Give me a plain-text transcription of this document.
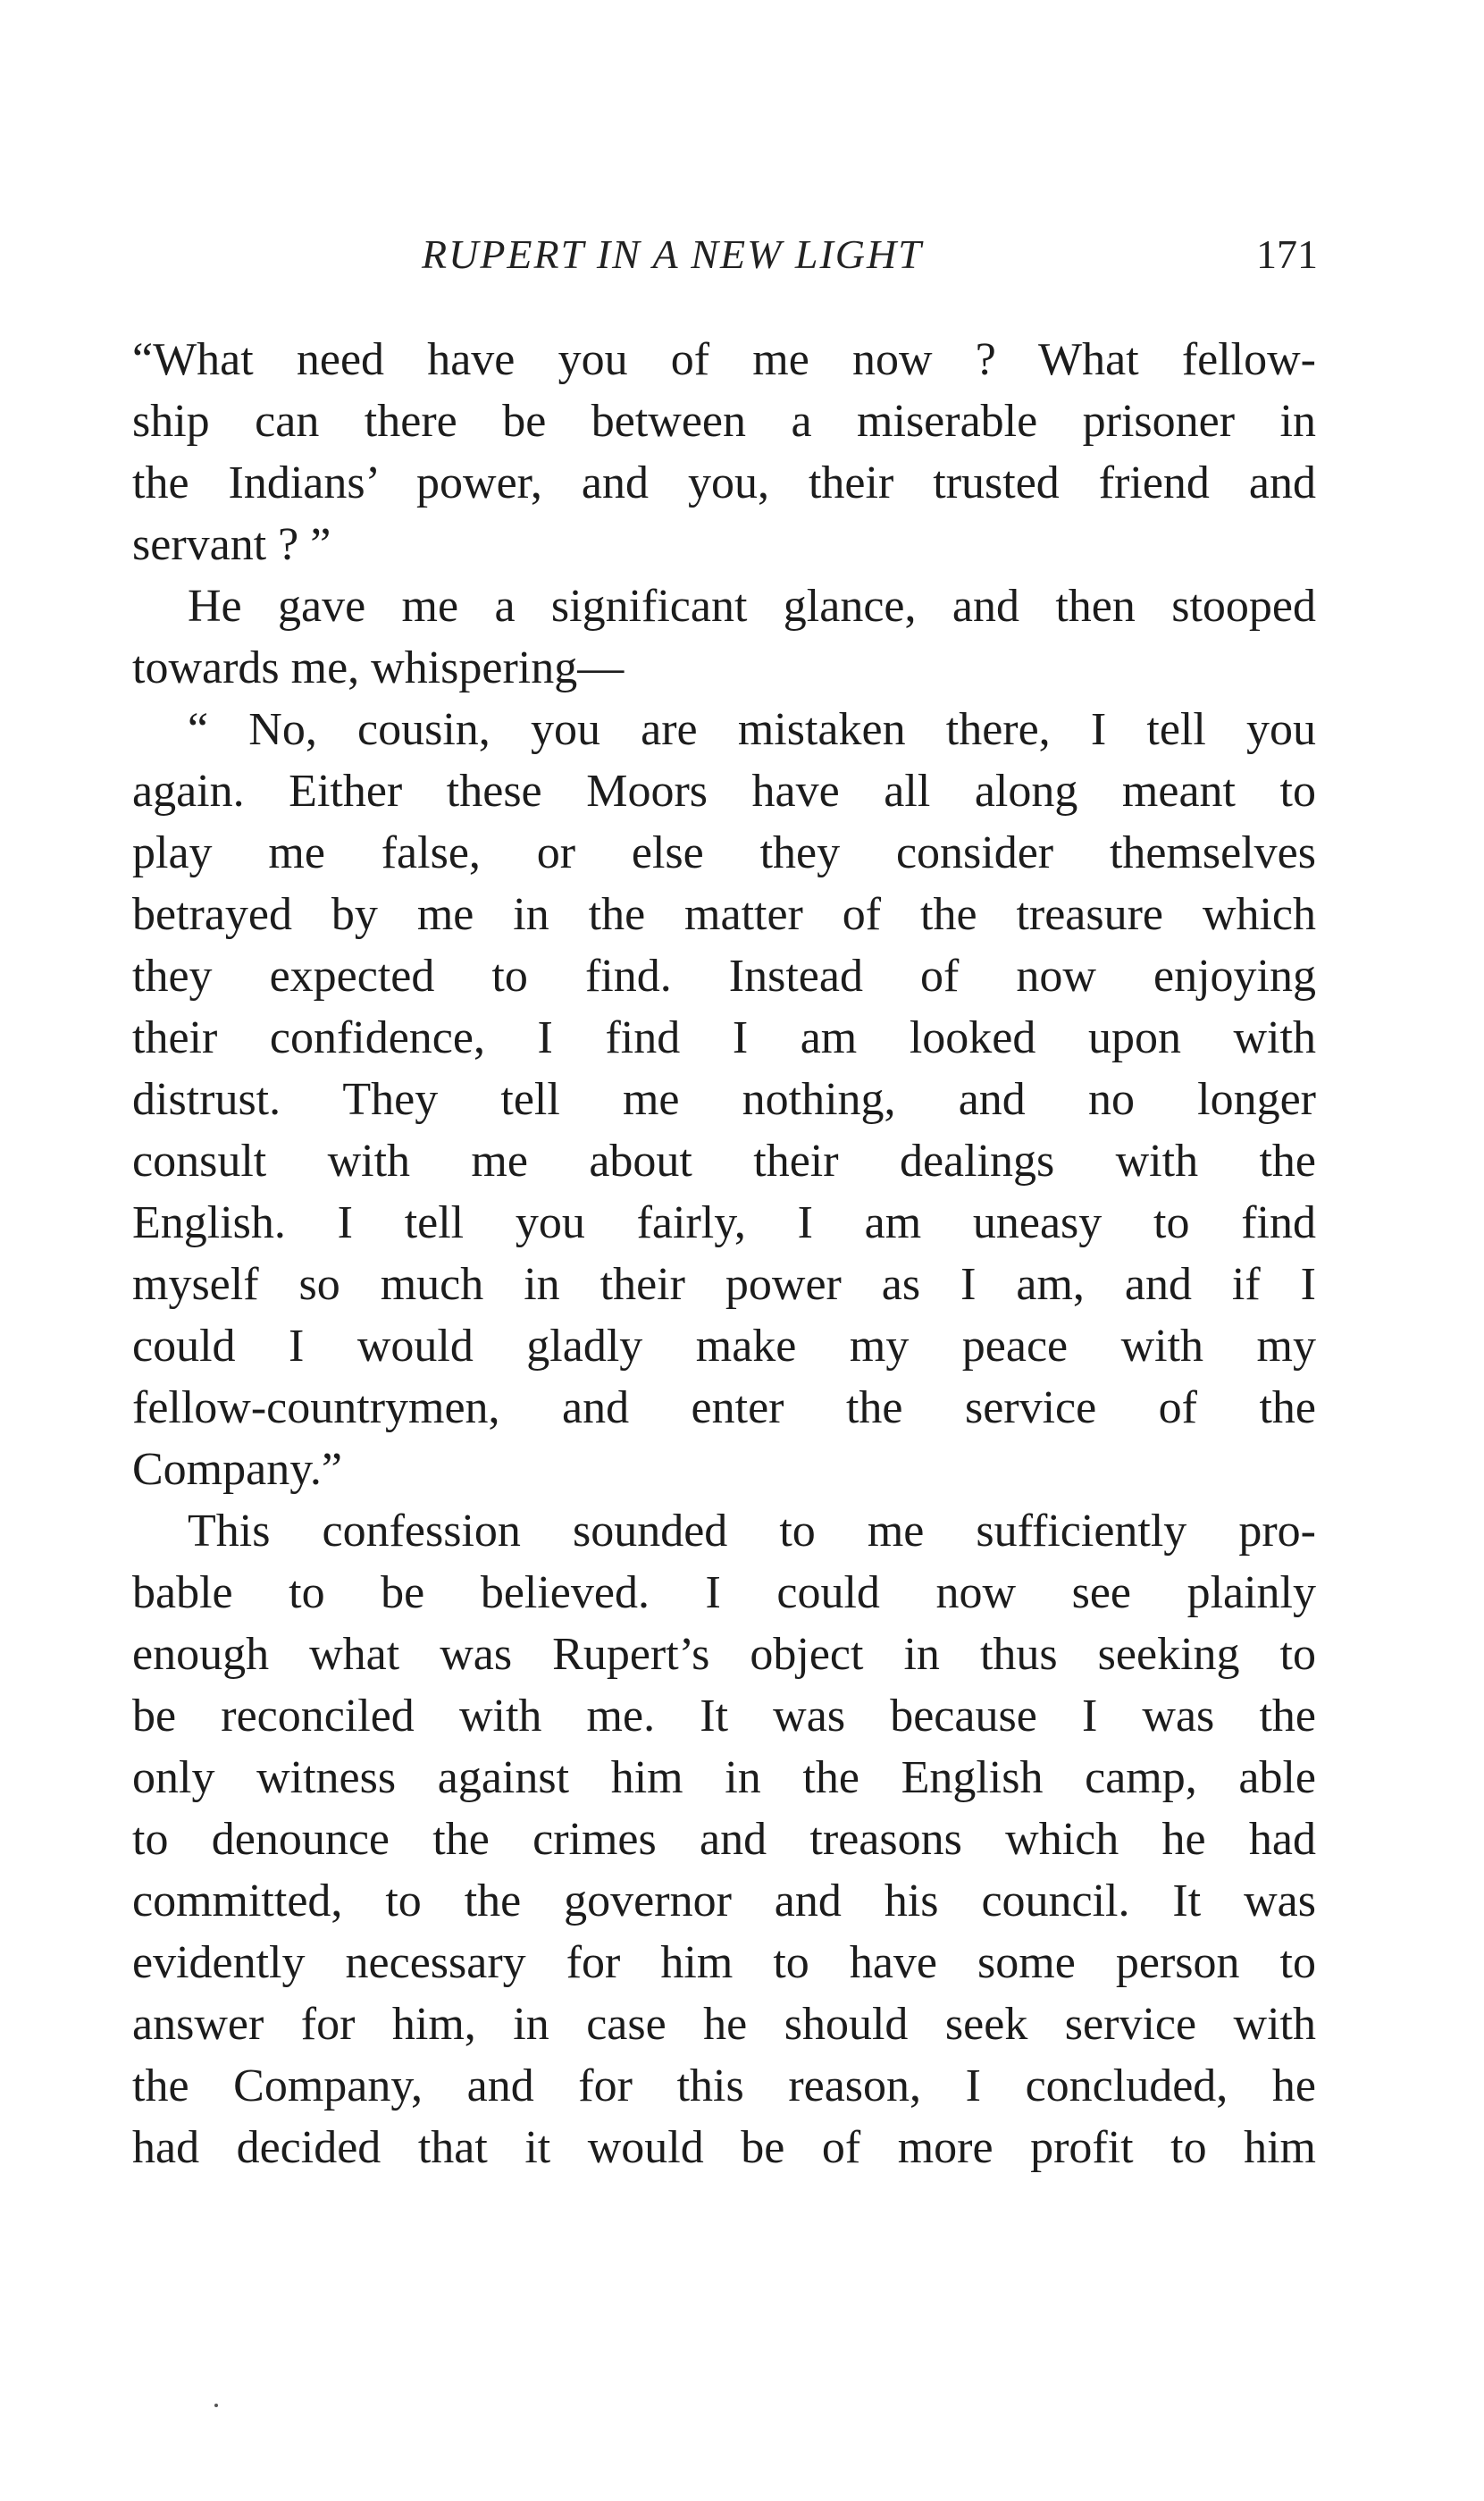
RUPERT IN A NEW LIGHT	171
“What need have you of me now ? What fellow-
ship can there be between a miserable prisoner in
the Indians’ power, and you, their trusted friend and
servant ? ”
He gave me a significant glance, and then stooped
towards me, whispering—
“ No, cousin, you are mistaken there, I tell you
again. Either these Moors have all along meant to
play me false, or else they consider themselves
betrayed by me in the matter of the treasure which
they expected to find. Instead of now enjoying
their confidence, I find I am looked upon with
distrust. They tell me nothing, and no longer
consult with me about their dealings with the
English. I tell you fairly, I am uneasy to find
myself so much in their power as I am, and if I
could I would gladly make my peace with my
fellow-countrymen, and enter the service of the
Company.”
This confession sounded to me sufficiently pro-
bable to be believed. I could now see plainly
enough what was Rupert’s object in thus seeking to
be reconciled with me. It was because I was the
only witness against him in the English camp, able
to denounce the crimes and treasons which he had
committed, to the governor and his council. It was
evidently necessary for him to have some person to
answer for him, in case he should seek service with
the Company, and for this reason, I concluded, he
had decided that it would be of more profit to him
